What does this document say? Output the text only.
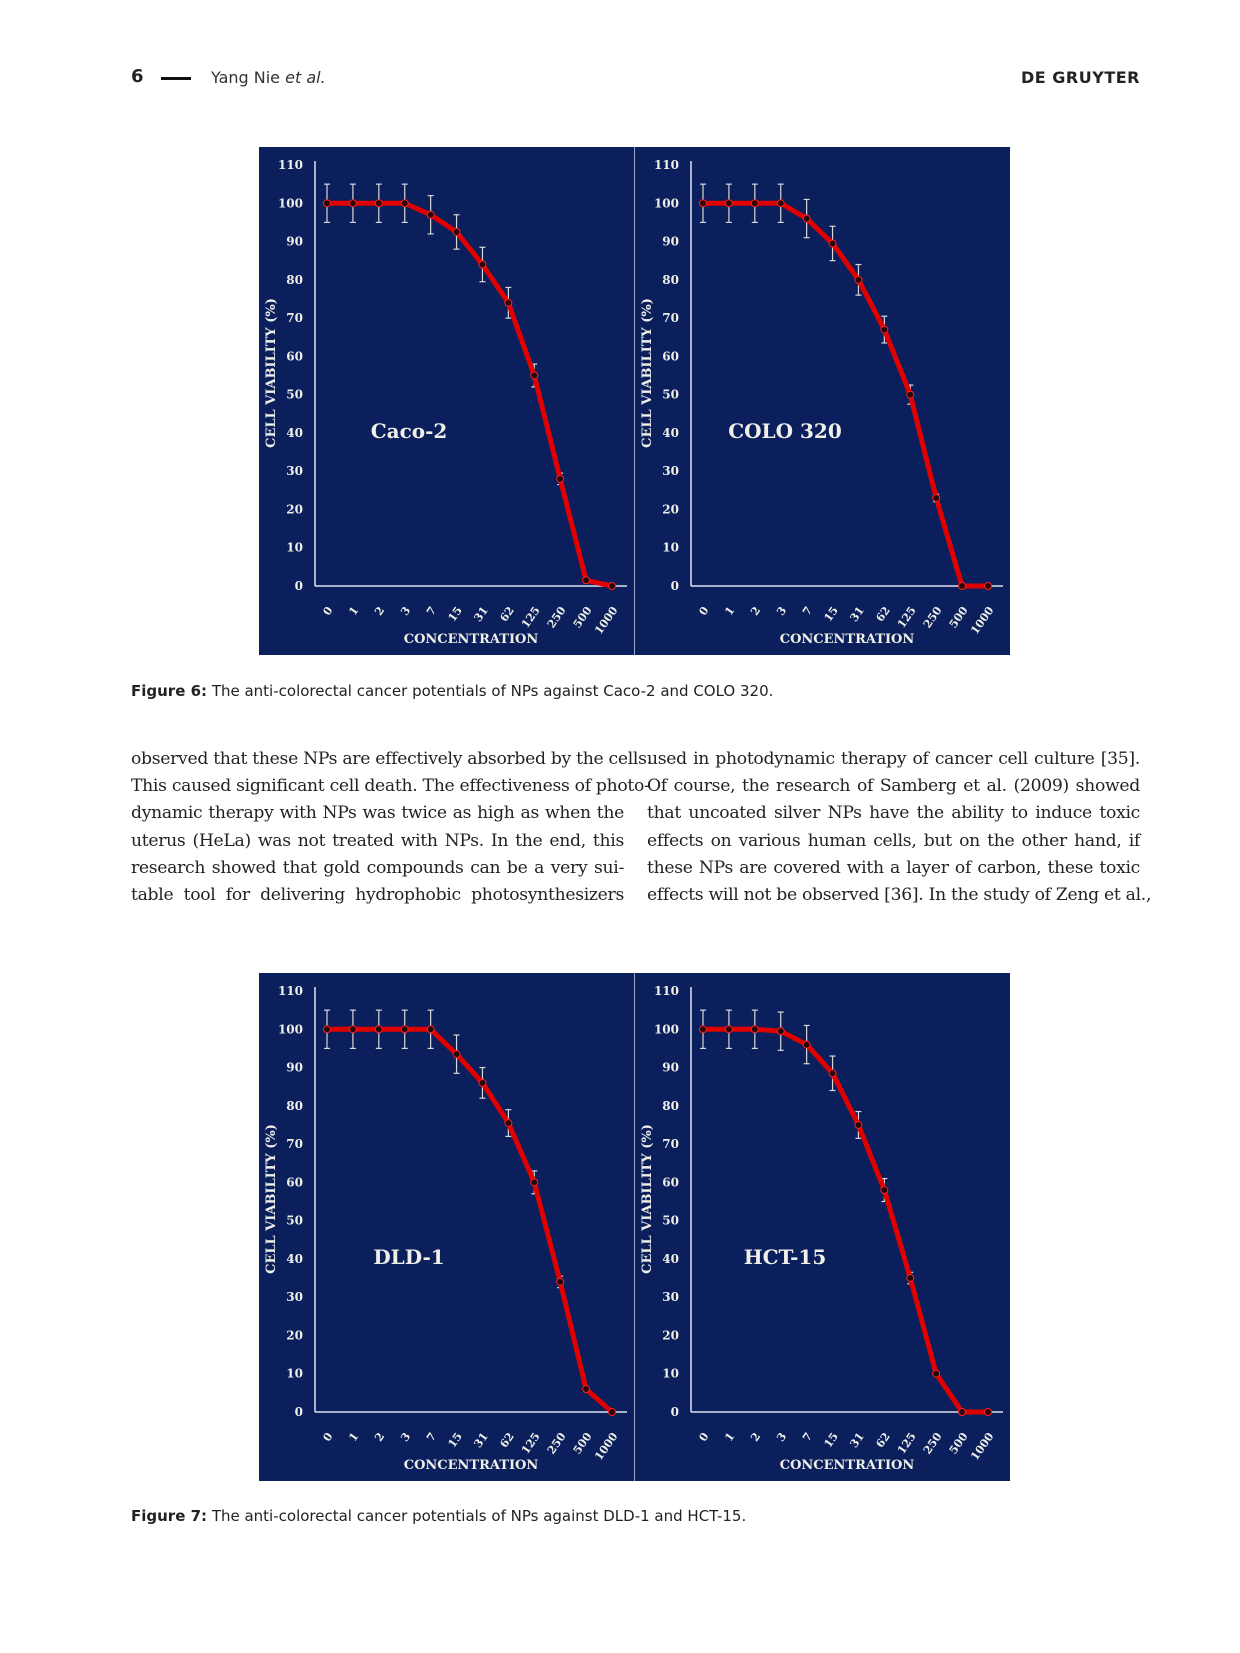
6	Yang Nie et al.	DE GRUYTER
0
10
20
30
40
50
60
70
80
90
100
110
0 1 2 3 7 15 31 62 125 250 500
1000
CONCENTRATION
CELL VIABILITY (%)	Caco-2
0
10
20
30
40
50
60
70
80
90
100
110
0 1 2 3 7 15 31 62 125 250 500
1000
CONCENTRATION
CELL VIABILITY (%)	COLO 320
Figure 6: The anti-colorectal cancer potentials of NPs against Caco-2 and COLO 320.
observed that these NPs are effectively absorbed by the cells.
This caused significant cell death. The effectiveness of photo-
dynamic therapy with NPs was twice as high as when the
uterus (HeLa) was not treated with NPs. In the end, this
research showed that gold compounds can be a very sui-
table tool for delivering hydrophobic photosynthesizers
used in photodynamic therapy of cancer cell culture [35].
Of course, the research of Samberg et al. (2009) showed
that uncoated silver NPs have the ability to induce toxic
effects on various human cells, but on the other hand, if
these NPs are covered with a layer of carbon, these toxic
effects will not be observed [36]. In the study of Zeng et al.,
0
10
20
30
40
50
60
70
80
90
100
110
0 1 2 3 7 15 31 62 125 250 500
1000
CONCENTRATION
CELL VIABILITY (%)	DLD-1
0
10
20
30
40
50
60
70
80
90
100
110
0 1 2 3 7 15 31 62 125 250 500
1000
CONCENTRATION
CELL VIABILITY (%)	HCT-15
Figure 7: The anti-colorectal cancer potentials of NPs against DLD-1 and HCT-15.
